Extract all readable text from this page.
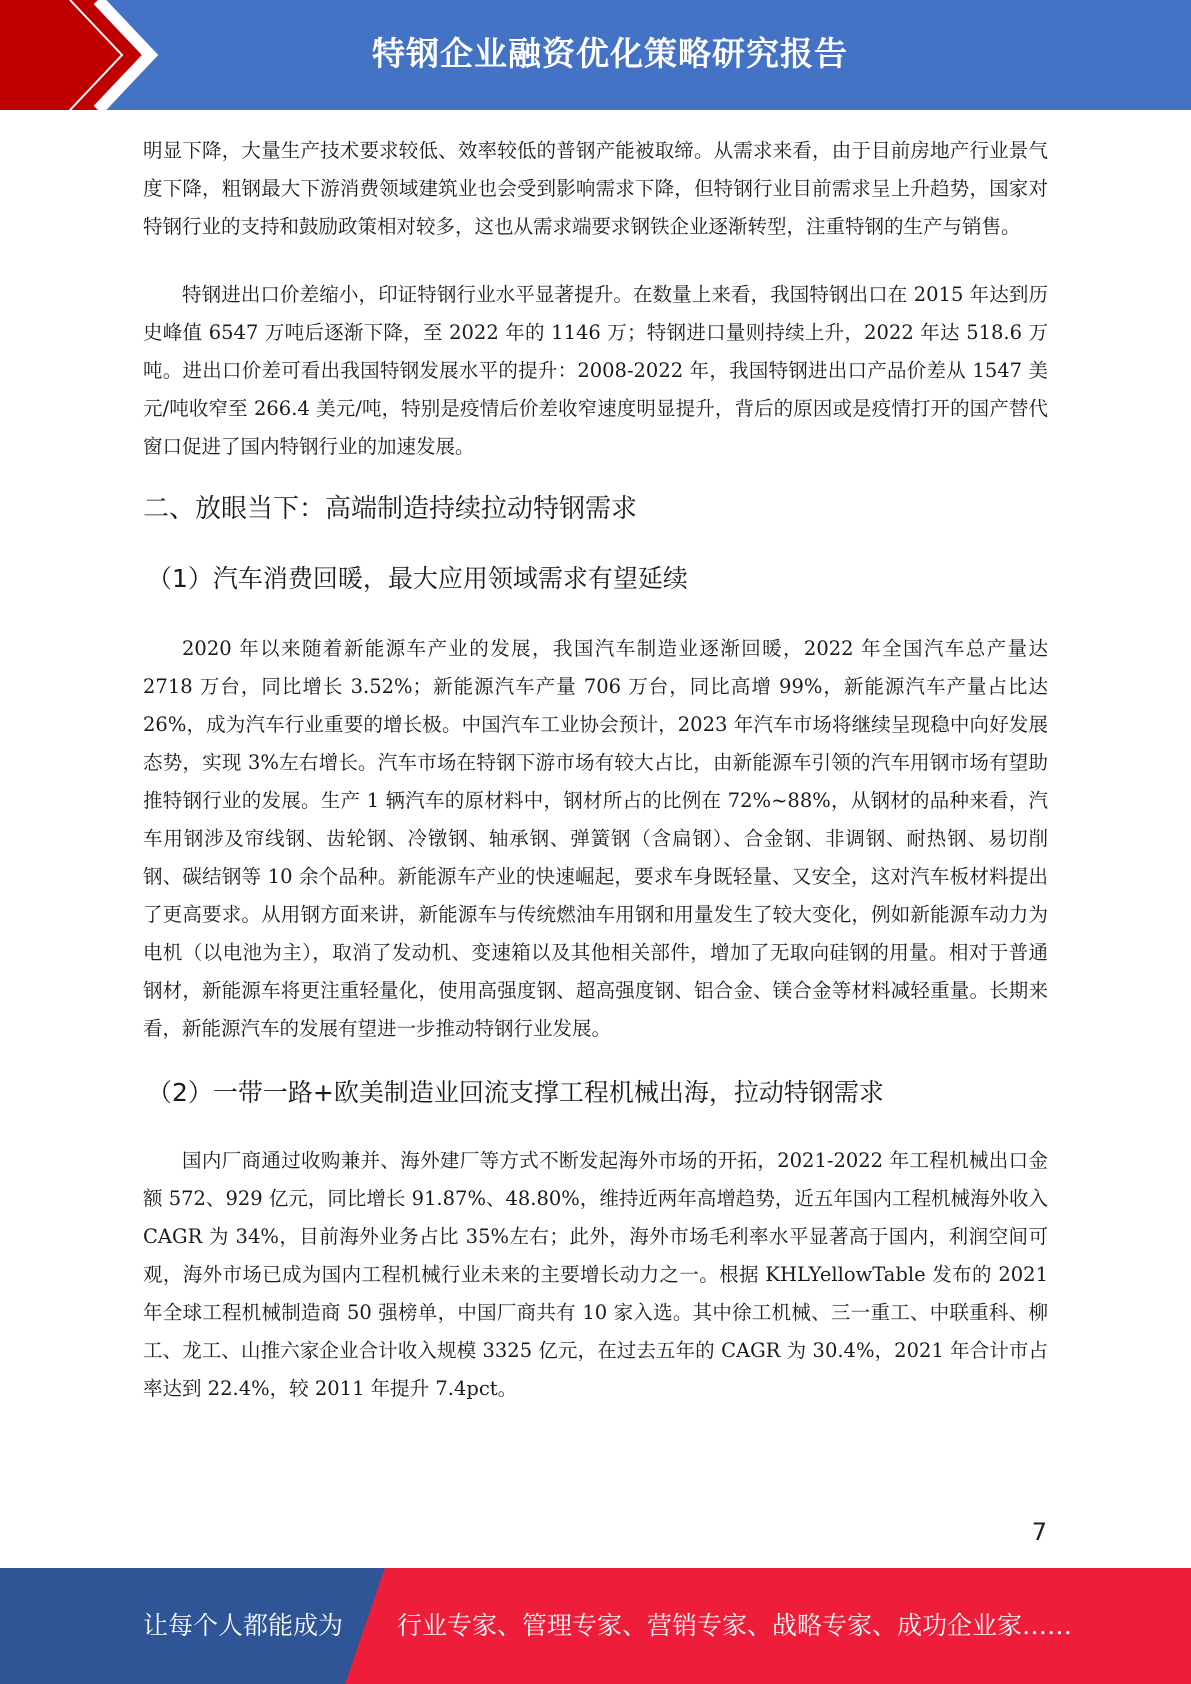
特钢企业融资优化策略研究报告

明显下降，大量生产技术要求较低、效率较低的普钢产能被取缔。从需求来看，由于目前房地产行业景气度下降，粗钢最大下游消费领域建筑业也会受到影响需求下降，但特钢行业目前需求呈上升趋势，国家对特钢行业的支持和鼓励政策相对较多，这也从需求端要求钢铁企业逐渐转型，注重特钢的生产与销售。

特钢进出口价差缩小，印证特钢行业水平显著提升。在数量上来看，我国特钢出口在 2015 年达到历史峰值 6547 万吨后逐渐下降，至 2022 年的 1146 万；特钢进口量则持续上升，2022 年达 518.6 万吨。进出口价差可看出我国特钢发展水平的提升：2008-2022 年，我国特钢进出口产品价差从 1547 美元/吨收窄至 266.4 美元/吨，特别是疫情后价差收窄速度明显提升，背后的原因或是疫情打开的国产替代窗口促进了国内特钢行业的加速发展。

二、放眼当下：高端制造持续拉动特钢需求
（1）汽车消费回暖，最大应用领域需求有望延续

2020 年以来随着新能源车产业的发展，我国汽车制造业逐渐回暖，2022 年全国汽车总产量达 2718 万台，同比增长 3.52%；新能源汽车产量 706 万台，同比高增 99%，新能源汽车产量占比达 26%，成为汽车行业重要的增长极。中国汽车工业协会预计，2023 年汽车市场将继续呈现稳中向好发展态势，实现 3%左右增长。汽车市场在特钢下游市场有较大占比，由新能源车引领的汽车用钢市场有望助推特钢行业的发展。生产 1 辆汽车的原材料中，钢材所占的比例在 72%~88%，从钢材的品种来看，汽车用钢涉及帘线钢、齿轮钢、冷镦钢、轴承钢、弹簧钢（含扁钢）、合金钢、非调钢、耐热钢、易切削钢、碳结钢等 10 余个品种。新能源车产业的快速崛起，要求车身既轻量、又安全，这对汽车板材料提出了更高要求。从用钢方面来讲，新能源车与传统燃油车用钢和用量发生了较大变化，例如新能源车动力为电机（以电池为主），取消了发动机、变速箱以及其他相关部件，增加了无取向硅钢的用量。相对于普通钢材，新能源车将更注重轻量化，使用高强度钢、超高强度钢、铝合金、镁合金等材料减轻重量。长期来看，新能源汽车的发展有望进一步推动特钢行业发展。

（2）一带一路+欧美制造业回流支撑工程机械出海，拉动特钢需求

国内厂商通过收购兼并、海外建厂等方式不断发起海外市场的开拓，2021-2022 年工程机械出口金额 572、929 亿元，同比增长 91.87%、48.80%，维持近两年高增趋势，近五年国内工程机械海外收入 CAGR 为 34%，目前海外业务占比 35%左右；此外，海外市场毛利率水平显著高于国内，利润空间可观，海外市场已成为国内工程机械行业未来的主要增长动力之一。根据 KHLYellowTable 发布的 2021 年全球工程机械制造商 50 强榜单，中国厂商共有 10 家入选。其中徐工机械、三一重工、中联重科、柳工、龙工、山推六家企业合计收入规模 3325 亿元，在过去五年的 CAGR 为 30.4%，2021 年合计市占率达到 22.4%，较 2011 年提升 7.4pct。

7
让每个人都能成为 行业专家、管理专家、营销专家、战略专家、成功企业家……
